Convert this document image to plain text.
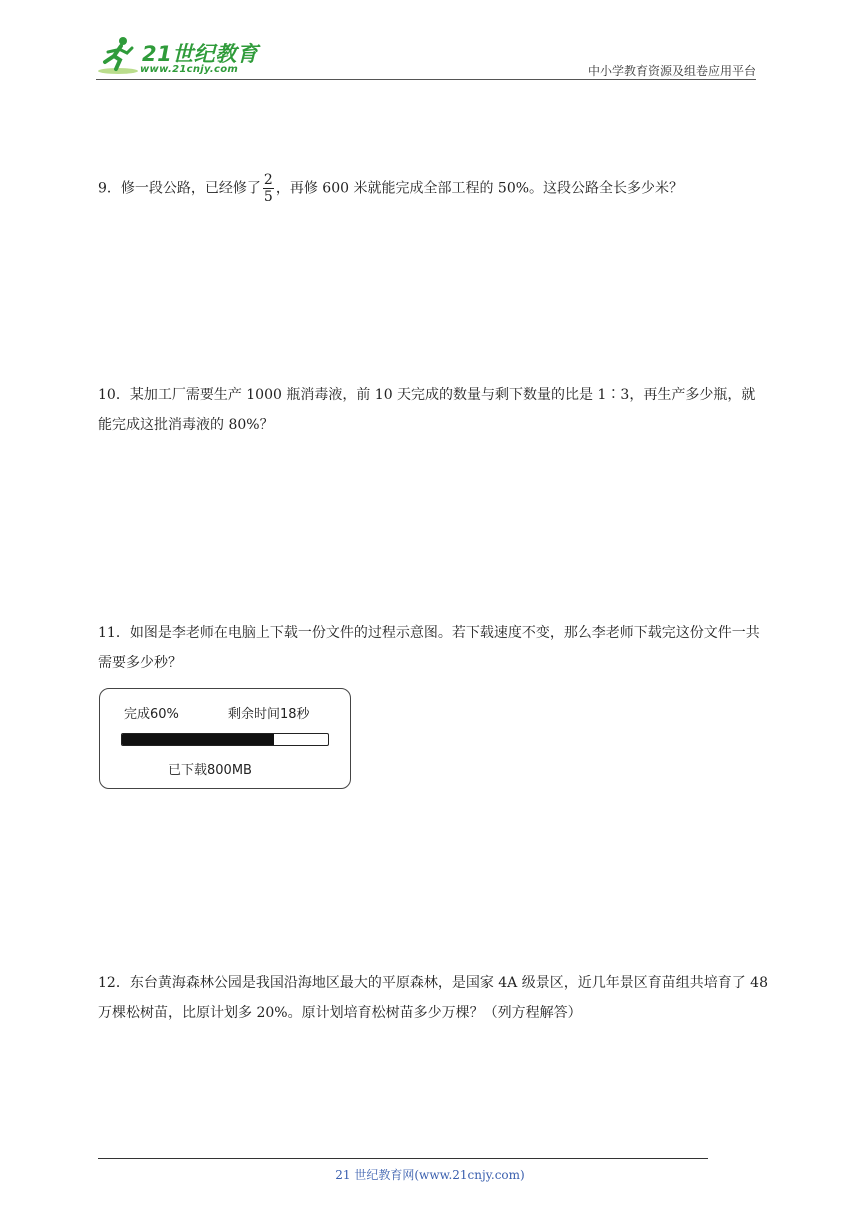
21世纪教育
www.21cnjy.com	中小学教育资源及组卷应用平台
9．修一段公路，已经修了 $\frac{2}{5}$ ，再修 600 米就能完成全部工程的 50%。这段公路全长多少米？
10．某加工厂需要生产 1000 瓶消毒液，前 10 天完成的数量与剩下数量的比是 1∶3，再生产多少瓶，就能完成这批消毒液的 80%？
11．如图是李老师在电脑上下载一份文件的过程示意图。若下载速度不变，那么李老师下载完这份文件一共需要多少秒？
完成60%	剩余时间18秒
已下载800MB
12．东台黄海森林公园是我国沿海地区最大的平原森林，是国家 4A 级景区，近几年景区育苗组共培育了 48 万棵松树苗，比原计划多 20%。原计划培育松树苗多少万棵？（列方程解答）
21 世纪教育网(www.21cnjy.com)
